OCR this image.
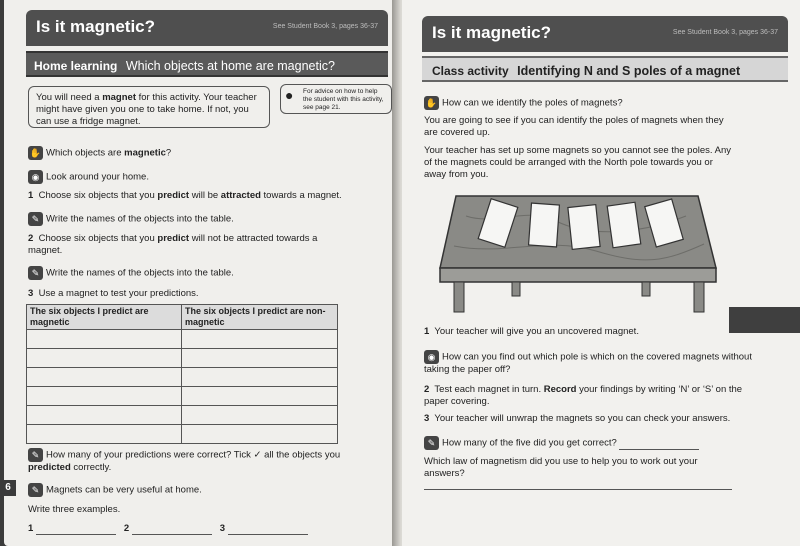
Is it magnetic?	See Student Book 3, pages 36-37
Home learning Which objects at home are magnetic?
You will need a magnet for this activity. Your teacher might have given you one to take home. If not, you can use a fridge magnet.
● For advice on how to help the student with this activity, see page 21.
✋ Which objects are magnetic?
◉ Look around your home.
1 Choose six objects that you predict will be attracted towards a magnet.
✎ Write the names of the objects into the table.
2 Choose six objects that you predict will not be attracted towards a magnet.
✎ Write the names of the objects into the table.
3 Use a magnet to test your predictions.
The six objects I predict are magnetic	The six objects I predict are non-magnetic

✎ How many of your predictions were correct? Tick ✓ all the objects you predicted correctly.
✎ Magnets can be very useful at home.
Write three examples.
1	2	3
6
Is it magnetic?	See Student Book 3, pages 36-37
Class activity Identifying N and S poles of a magnet
✋ How can we identify the poles of magnets?
You are going to see if you can identify the poles of magnets when they are covered up.
Your teacher has set up some magnets so you cannot see the poles. Any of the magnets could be arranged with the North pole towards you or away from you.
1 Your teacher will give you an uncovered magnet.
◉ How can you find out which pole is which on the covered magnets without taking the paper off?
2 Test each magnet in turn. Record your findings by writing ‘N’ or ‘S’ on the paper covering.
3 Your teacher will unwrap the magnets so you can check your answers.
✎ How many of the five did you get correct?
Which law of magnetism did you use to help you to work out your answers?
